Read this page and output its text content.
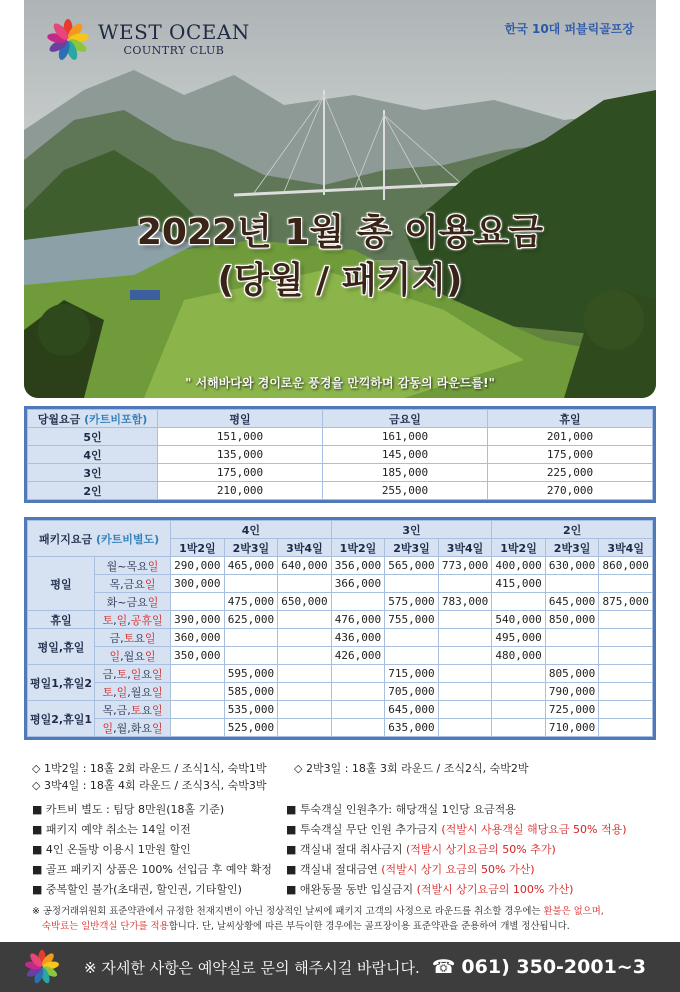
WEST OCEAN
COUNTRY CLUB
한국 10대 퍼블릭골프장
2022년 1월 총 이용요금
(당월 / 패키지)
" 서해바다와 경이로운 풍경을 만끽하며 감동의 라운드를!"
당월요금 (카트비포함)	평일	금요일	휴일
5인	151,000	161,000	201,000
4인	135,000	145,000	175,000
3인	175,000	185,000	225,000
2인	210,000	255,000	270,000
패키지요금 (카트비별도)		4인			3인			2인		
		1박2일	2박3일	3박4일	1박2일	2박3일	3박4일	1박2일	2박3일	3박4일
평일	월~목요일	290,000	465,000	640,000	356,000	565,000	773,000	400,000	630,000	860,000
	목,금요일	300,000			366,000			415,000		
	화~금요일		475,000	650,000		575,000	783,000		645,000	875,000
휴일	토,일,공휴일	390,000	625,000		476,000	755,000		540,000	850,000	
평일,휴일	금,토요일	360,000			436,000			495,000		
	일,월요일	350,000			426,000			480,000		
평일1,휴일2	금,토,일요일		595,000			715,000			805,000	
	토,일,월요일		585,000			705,000			790,000	
평일2,휴일1	목,금,토요일		535,000			645,000			725,000	
	일,월,화요일		525,000			635,000			710,000	
◇ 1박2일 : 18홀 2회 라운드 / 조식1식, 숙박1박	◇ 2박3일 : 18홀 3회 라운드 / 조식2식, 숙박2박
◇ 3박4일 : 18홀 4회 라운드 / 조식3식, 숙박3박
■ 카트비 별도 : 팀당 8만원(18홀 기준)
■ 패키지 예약 취소는 14일 이전
■ 4인 온돌방 이용시 1만원 할인
■ 골프 패키지 상품은 100% 선입금 후 예약 확정
■ 중복할인 불가(초대권, 할인권, 기타할인)
■ 투숙객실 인원추가: 해당객실 1인당 요금적용
■ 투숙객실 무단 인원 추가금지 (적발시 사용객실 해당요금 50% 적용)
■ 객실내 절대 취사금지 (적발시 상기요금의 50% 추가)
■ 객실내 절대금연 (적발시 상기 요금의 50% 가산)
■ 애완동물 동반 입실금지 (적발시 상기요금의 100% 가산)
※ 공정거래위원회 표준약관에서 규정한 천재지변이 아닌 정상적인 날씨에 패키지 고객의 사정으로 라운드를 취소할 경우에는 환불은 없으며,
숙박료는 일반객실 단가를 적용합니다. 단, 날씨상황에 따른 부득이한 경우에는 골프장이용 표준약관을 준용하여 개별 정산됩니다.
※ 자세한 사항은 예약실로 문의 해주시길 바랍니다. ☎ 061) 350-2001~3
